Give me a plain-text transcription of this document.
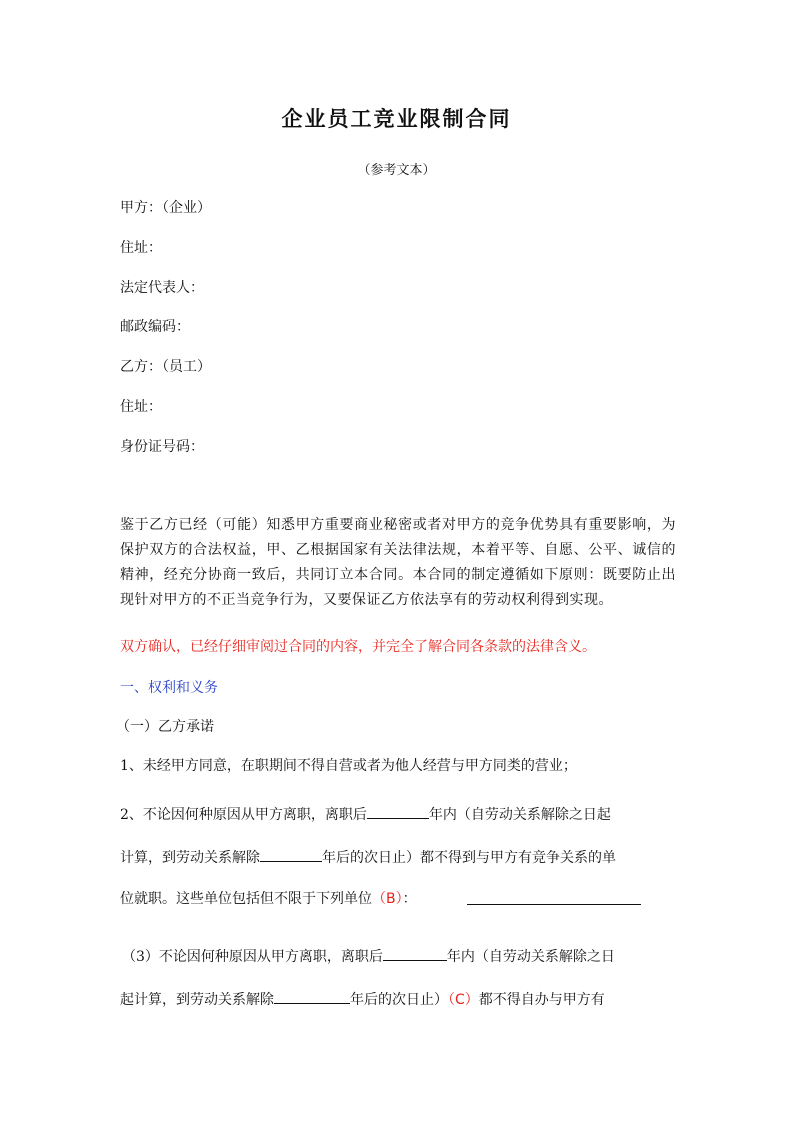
企业员工竞业限制合同
（参考文本）
甲方：（企业）
住址：
法定代表人：
邮政编码：
乙方：（员工）
住址：
身份证号码：
鉴于乙方已经（可能）知悉甲方重要商业秘密或者对甲方的竞争优势具有重要影响，为保护双方的合法权益，甲、乙根据国家有关法律法规，本着平等、自愿、公平、诚信的精神，经充分协商一致后，共同订立本合同。本合同的制定遵循如下原则：既要防止出现针对甲方的不正当竞争行为，又要保证乙方依法享有的劳动权利得到实现。
双方确认，已经仔细审阅过合同的内容，并完全了解合同各条款的法律含义。
一、权利和义务
（一）乙方承诺
1、未经甲方同意，在职期间不得自营或者为他人经营与甲方同类的营业；
2、不论因何种原因从甲方离职，离职后	年内（自劳动关系解除之日起
计算，到劳动关系解除	年后的次日止）都不得到与甲方有竞争关系的单
位就职。这些单位包括但不限于下列单位（B）：
（3）不论因何种原因从甲方离职，离职后	年内（自劳动关系解除之日
起计算，到劳动关系解除	年后的次日止）（C）都不得自办与甲方有
